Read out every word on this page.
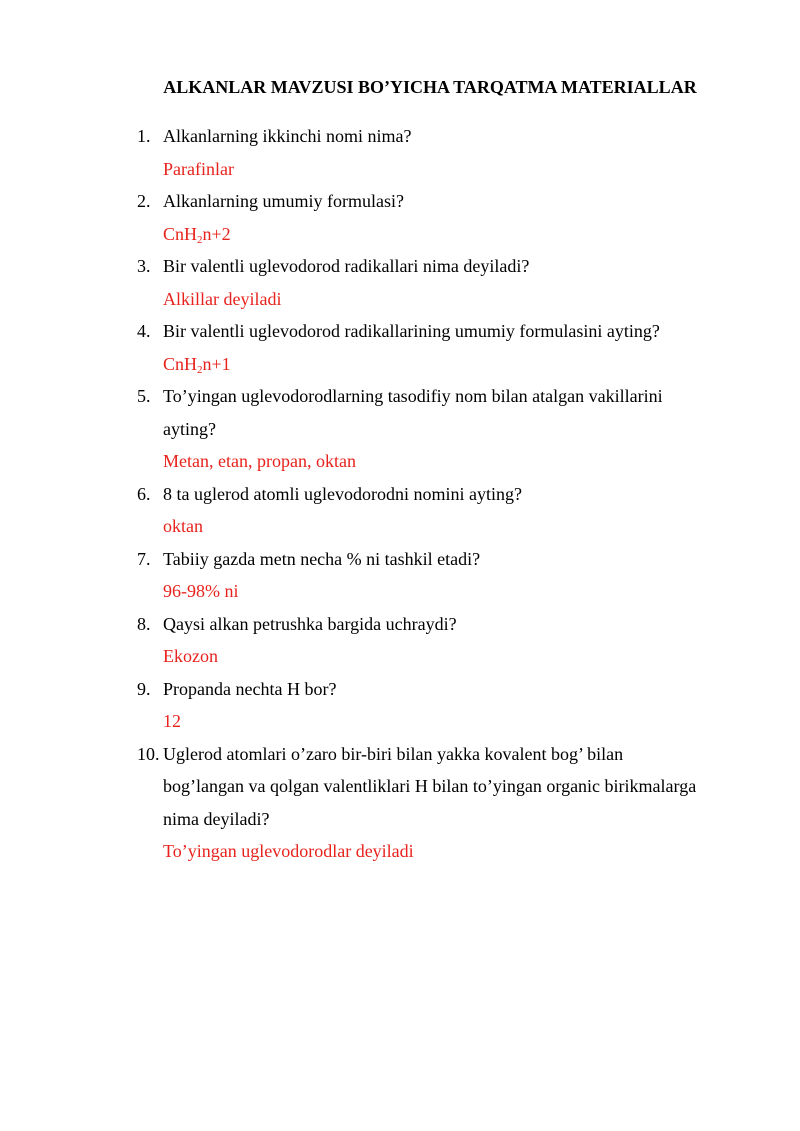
ALKANLAR MAVZUSI BO’YICHA TARQATMA MATERIALLAR
1. Alkanlarning ikkinchi nomi nima?
Parafinlar
2. Alkanlarning umumiy formulasi?
CnH$_2$n+2
3. Bir valentli uglevodorod radikallari nima deyiladi?
Alkillar deyiladi
4. Bir valentli uglevodorod radikallarining umumiy formulasini ayting?
CnH$_2$n+1
5. To’yingan uglevodorodlarning tasodifiy nom bilan atalgan vakillarini
ayting?
Metan, etan, propan, oktan
6. 8 ta uglerod atomli uglevodorodni nomini ayting?
oktan
7. Tabiiy gazda metn necha % ni tashkil etadi?
96-98% ni
8. Qaysi alkan petrushka bargida uchraydi?
Ekozon
9. Propanda nechta H bor?
12
10. Uglerod atomlari o’zaro bir-biri bilan yakka kovalent bog’ bilan
bog’langan va qolgan valentliklari H bilan to’yingan organic birikmalarga
nima deyiladi?
To’yingan uglevodorodlar deyiladi
